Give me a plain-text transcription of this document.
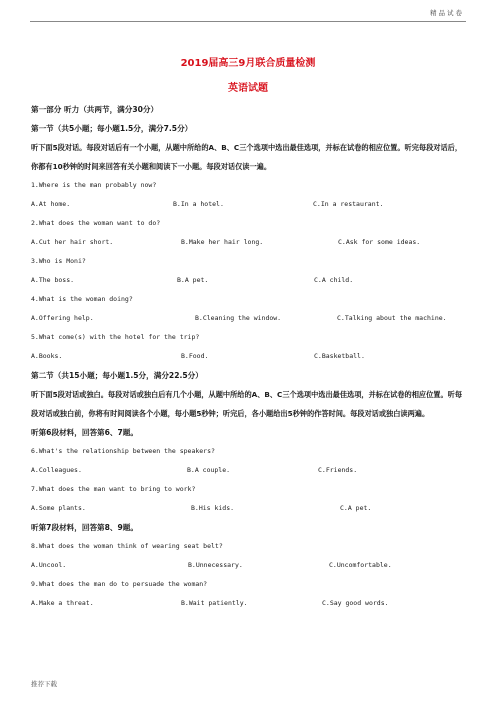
精品试卷
2019届高三9月联合质量检测
英语试题
第一部分 听力（共两节，满分30分）
第一节（共5小题；每小题1.5分，满分7.5分）
听下面5段对话。每段对话后有一个小题，从题中所给的A、B、C三个选项中选出最佳选项，并标在试卷的相应位置。听完每段对话后，你都有10秒钟的时间来回答有关小题和阅读下一小题。每段对话仅读一遍。
1.Where is the man probably now?
A.At home.	B.In a hotel.	C.In a restaurant.
2.What does the woman want to do?
A.Cut her hair short.	B.Make her hair long.	C.Ask for some ideas.
3.Who is Moni?
A.The boss.	B.A pet.	C.A child.
4.What is the woman doing?
A.Offering help.	B.Cleaning the window.	C.Talking about the machine.
5.What come(s) with the hotel for the trip?
A.Books.	B.Food.	C.Basketball.
第二节（共15小题；每小题1.5分，满分22.5分）
听下面5段对话或独白。每段对话或独白后有几个小题，从题中所给的A、B、C三个选项中选出最佳选项，并标在试卷的相应位置。听每段对话或独白前，你将有时间阅读各个小题，每小题5秒钟；听完后，各小题给出5秒钟的作答时间。每段对话或独白读两遍。
听第6段材料，回答第6、7题。
6.What's the relationship between the speakers?
A.Colleagues.	B.A couple.	C.Friends.
7.What does the man want to bring to work?
A.Some plants.	B.His kids.	C.A pet.
听第7段材料，回答第8、9题。
8.What does the woman think of wearing seat belt?
A.Uncool.	B.Unnecessary.	C.Uncomfortable.
9.What does the man do to persuade the woman?
A.Make a threat.	B.Wait patiently.	C.Say good words.
推荐下载
